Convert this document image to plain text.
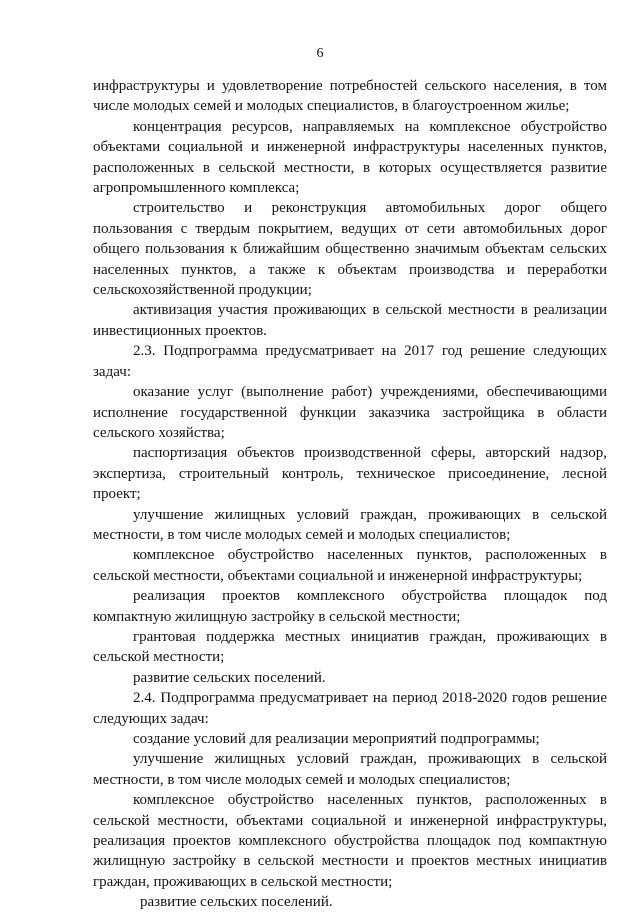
6

инфраструктуры и удовлетворение потребностей сельского населения, в том числе молодых семей и молодых специалистов, в благоустроенном жилье;

концентрация ресурсов, направляемых на комплексное обустройство объектами социальной и инженерной инфраструктуры населенных пунктов, расположенных в сельской местности, в которых осуществляется развитие агропромышленного комплекса;

строительство и реконструкция автомобильных дорог общего пользования с твердым покрытием, ведущих от сети автомобильных дорог общего пользования к ближайшим общественно значимым объектам сельских населенных пунктов, а также к объектам производства и переработки сельскохозяйственной продукции;

активизация участия проживающих в сельской местности в реализации инвестиционных проектов.

2.3. Подпрограмма предусматривает на 2017 год решение следующих задач:

оказание услуг (выполнение работ) учреждениями, обеспечивающими исполнение государственной функции заказчика застройщика в области сельского хозяйства;

паспортизация объектов производственной сферы, авторский надзор, экспертиза, строительный контроль, техническое присоединение, лесной проект;

улучшение жилищных условий граждан, проживающих в сельской местности, в том числе молодых семей и молодых специалистов;

комплексное обустройство населенных пунктов, расположенных в сельской местности, объектами социальной и инженерной инфраструктуры;

реализация проектов комплексного обустройства площадок под компактную жилищную застройку в сельской местности;

грантовая поддержка местных инициатив граждан, проживающих в сельской местности;

развитие сельских поселений.

2.4. Подпрограмма предусматривает на период 2018-2020 годов решение следующих задач:

создание условий для реализации мероприятий подпрограммы;

улучшение жилищных условий граждан, проживающих в сельской местности, в том числе молодых семей и молодых специалистов;

комплексное обустройство населенных пунктов, расположенных в сельской местности, объектами социальной и инженерной инфраструктуры, реализация проектов комплексного обустройства площадок под компактную жилищную застройку в сельской местности и проектов местных инициатив граждан, проживающих в сельской местности;

развитие сельских поселений.
